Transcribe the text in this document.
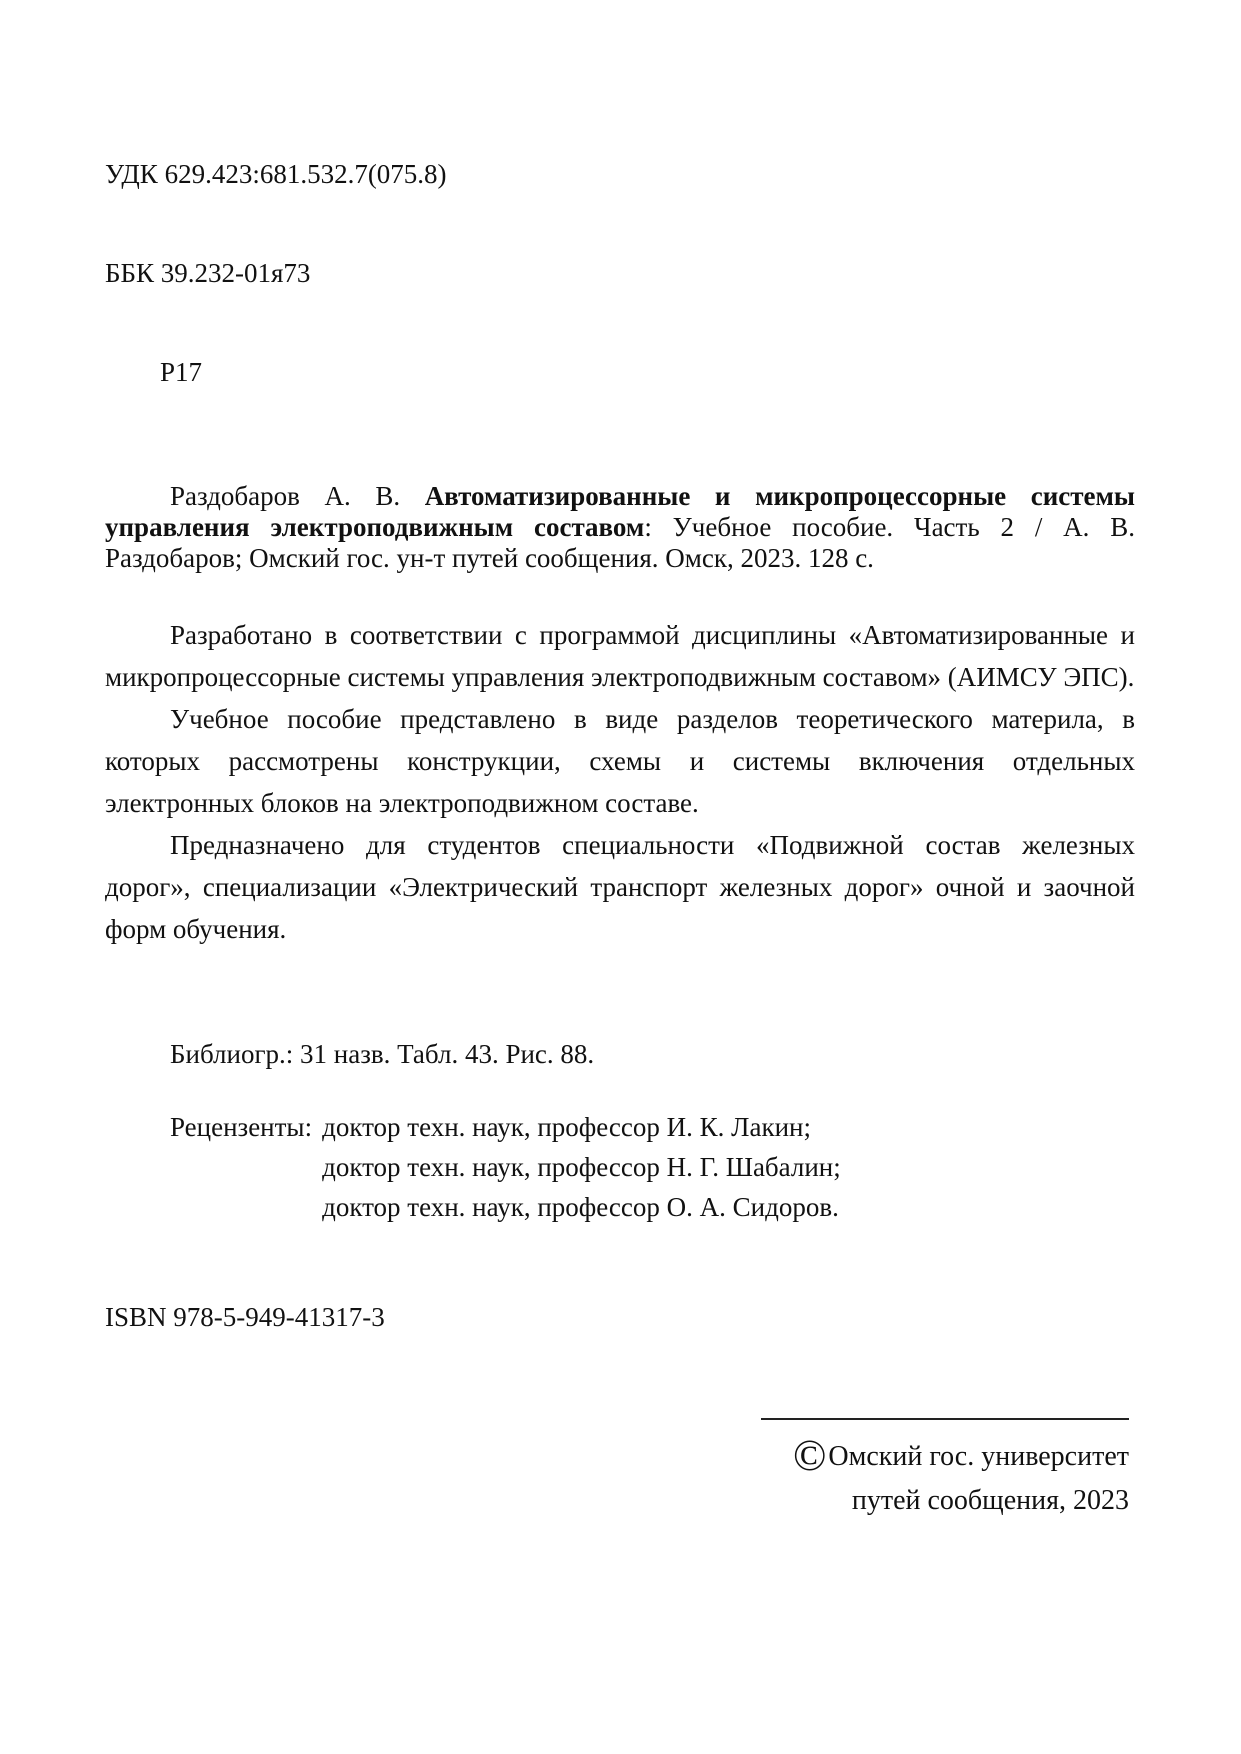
УДК 629.423:681.532.7(075.8)

ББК 39.232-01я73

Р17

Раздобаров А. В. Автоматизированные и микропроцессорные системы управления электроподвижным составом: Учебное пособие. Часть 2 / А. В. Раздобаров; Омский гос. ун-т путей сообщения. Омск, 2023. 128 с.

Разработано в соответствии с программой дисциплины «Автоматизированные и микропроцессорные системы управления электроподвижным составом» (АИМСУ ЭПС).

Учебное пособие представлено в виде разделов теоретического материла, в которых рассмотрены конструкции, схемы и системы включения отдельных электронных блоков на электроподвижном составе.

Предназначено для студентов специальности «Подвижной состав железных дорог», специализации «Электрический транспорт железных дорог» очной и заочной форм обучения.

Библиогр.: 31 назв. Табл. 43. Рис. 88.

Рецензенты: доктор техн. наук, профессор И. К. Лакин;
доктор техн. наук, профессор Н. Г. Шабалин;
доктор техн. наук, профессор О. А. Сидоров.

ISBN 978-5-949-41317-3

©Омский гос. университет
путей сообщения, 2023
